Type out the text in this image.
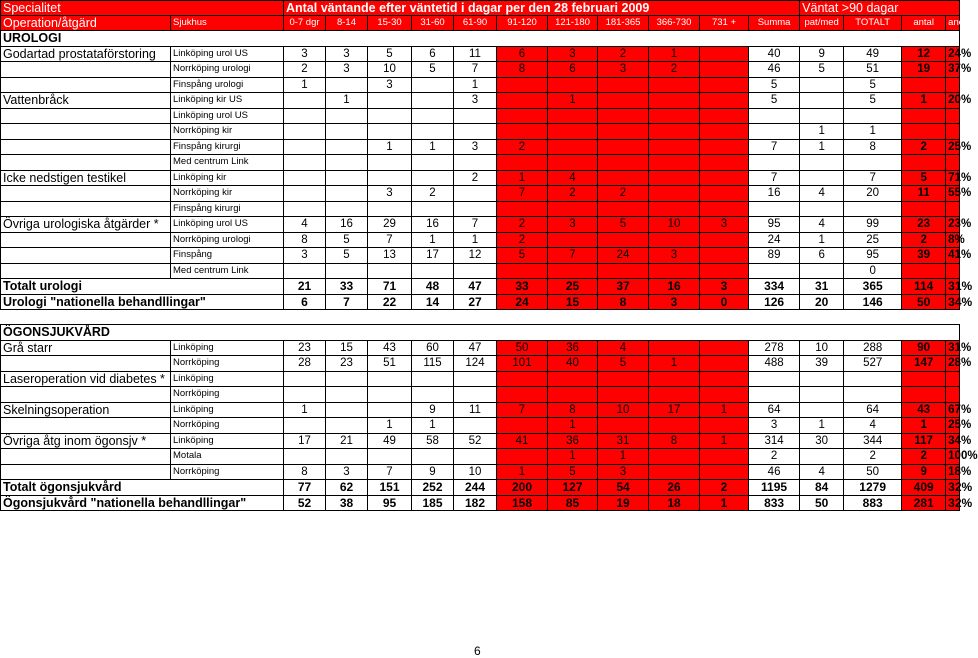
Specialitet		Antal väntande efter väntetid i dagar per den 28 februari 2009											Väntat >90 dagar			
Operation/åtgärd	Sjukhus	0-7 dgr	8-14	15-30	31-60	61-90	91-120	121-180	181-365	366-730	731 +	Summa	pat/med	TOTALT	antal	andel
UROLOGI																
Godartad prostataförstoring	Linköping urol US	3	3	5	6	11	6	3	2	1		40	9	49	12	24%
	Norrköping urologi	2	3	10	5	7	8	6	3	2		46	5	51	19	37%
	Finspång urologi	1		3		1						5		5		
Vattenbråck	Linköping kir US		1			3		1				5		5	1	20%
	Linköping urol US															
	Norrköping kir												1	1		
	Finspång kirurgi			1	1	3	2					7	1	8	2	25%
	Med centrum Link															
Icke nedstigen testikel	Linköping kir					2	1	4				7		7	5	71%
	Norrköping kir			3	2		7	2	2			16	4	20	11	55%
	Finspång kirurgi															
Övriga urologiska åtgärder *	Linköping urol US	4	16	29	16	7	2	3	5	10	3	95	4	99	23	23%
	Norrköping urologi	8	5	7	1	1	2					24	1	25	2	8%
	Finspång	3	5	13	17	12	5	7	24	3		89	6	95	39	41%
	Med centrum Link													0		
Totalt urologi		21	33	71	48	47	33	25	37	16	3	334	31	365	114	31%
Urologi "nationella behandllingar"		6	7	22	14	27	24	15	8	3	0	126	20	146	50	34%

ÖGONSJUKVÅRD																
Grå starr	Linköping	23	15	43	60	47	50	36	4			278	10	288	90	31%
	Norrköping	28	23	51	115	124	101	40	5	1		488	39	527	147	28%
Laseroperation vid diabetes *	Linköping															
	Norrköping															
Skelningsoperation	Linköping	1			9	11	7	8	10	17	1	64		64	43	67%
	Norrköping			1	1			1				3	1	4	1	25%
Övriga åtg inom ögonsjv *	Linköping	17	21	49	58	52	41	36	31	8	1	314	30	344	117	34%
	Motala							1	1			2		2	2	100%
	Norrköping	8	3	7	9	10	1	5	3			46	4	50	9	18%
Totalt ögonsjukvård		77	62	151	252	244	200	127	54	26	2	1195	84	1279	409	32%
Ögonsjukvård "nationella behandllingar"		52	38	95	185	182	158	85	19	18	1	833	50	883	281	32%
6
